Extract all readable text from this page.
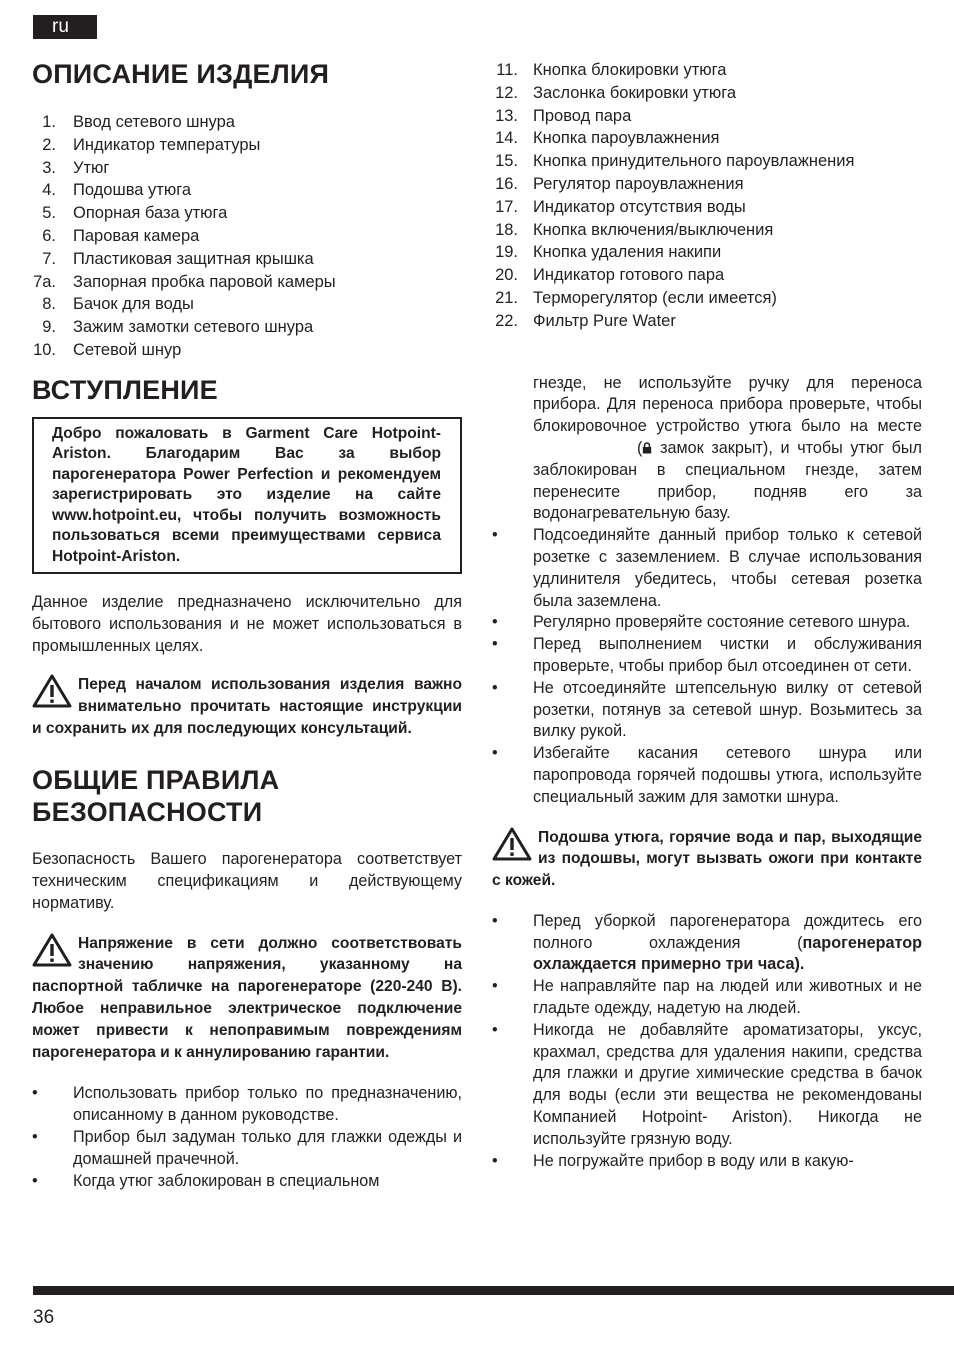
ru
ОПИСАНИЕ ИЗДЕЛИЯ
1. Ввод сетевого шнура
2. Индикатор температуры
3. Утюг
4. Подошва утюга
5. Опорная база утюга
6. Паровая камера
7. Пластиковая защитная крышка
7a. Запорная пробка паровой камеры
8. Бачок для воды
9. Зажим замотки сетевого шнура
10. Сетевой шнур
ВСТУПЛЕНИЕ

Добро пожаловать в Garment Care Hotpoint-Ariston. Благодарим Вас за выбор парогенератора Power Perfection и рекомендуем зарегистрировать это изделие на сайте www.hotpoint.eu, чтобы получить возможность пользоваться всеми преимуществами сервиса Hotpoint-Ariston.

Данное изделие предназначено исключительно для бытового использования и не может использоваться в промышленных целях.

Перед началом использования изделия важно внимательно прочитать настоящие инструкции и сохранить их для последующих консультаций.

ОБЩИЕ ПРАВИЛА
БЕЗОПАСНОСТИ

Безопасность Вашего парогенератора соответствует техническим спецификациям и действующему нормативу.

Напряжение в сети должно соответствовать значению напряжения, указанному на паспортной табличке на парогенераторе (220-240 В). Любое неправильное электрическое подключение может привести к непоправимым повреждениям парогенератора и к аннулированию гарантии.

• Использовать прибор только по предназначению, описанному в данном руководстве.
• Прибор был задуман только для глажки одежды и домашней прачечной.
• Когда утюг заблокирован в специальном
11. Кнопка блокировки утюга
12. Заслонка бокировки утюга
13. Провод пара
14. Кнопка пароувлажнения
15. Кнопка принудительного пароувлажнения
16. Регулятор пароувлажнения
17. Индикатор отсутствия воды
18. Кнопка включения/выключения
19. Кнопка удаления накипи
20. Индикатор готового пара
21. Терморегулятор (если имеется)
22. Фильтр Pure Water
гнезде, не используйте ручку для переноса прибора. Для переноса прибора проверьте, чтобы блокировочное устройство утюга было на месте ( замок закрыт), и чтобы утюг был заблокирован в специальном гнезде, затем перенесите прибор, подняв его за водонагревательную базу.
• Подсоединяйте данный прибор только к сетевой розетке с заземлением. В случае использования удлинителя убедитесь, чтобы сетевая розетка была заземлена.
• Регулярно проверяйте состояние сетевого шнура.
• Перед выполнением чистки и обслуживания проверьте, чтобы прибор был отсоединен от сети.
• Не отсоединяйте штепсельную вилку от сетевой розетки, потянув за сетевой шнур. Возьмитесь за вилку рукой.
• Избегайте касания сетевого шнура или паропровода горячей подошвы утюга, используйте специальный зажим для замотки шнура.

Подошва утюга, горячие вода и пар, выходящие из подошвы, могут вызвать ожоги при контакте с кожей.

• Перед уборкой парогенератора дождитесь его полного охлаждения (парогенератор охлаждается примерно три часа).
• Не направляйте пар на людей или животных и не гладьте одежду, надетую на людей.
• Никогда не добавляйте ароматизаторы, уксус, крахмал, средства для удаления накипи, средства для глажки и другие химические средства в бачок для воды (если эти вещества не рекомендованы Компанией Hotpoint- Ariston). Никогда не используйте грязную воду.
• Не погружайте прибор в воду или в какую-
36
